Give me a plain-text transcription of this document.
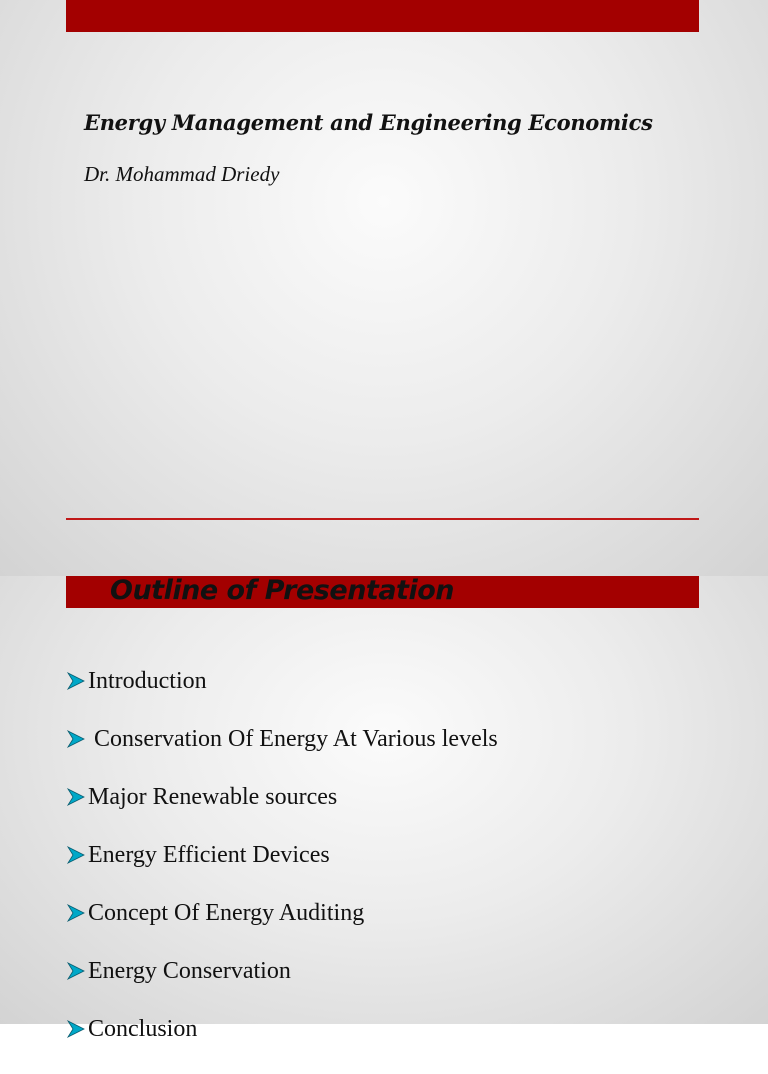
Energy Management and Engineering Economics

Dr. Mohammad Driedy

Outline of Presentation
Introduction
Conservation Of Energy At Various levels
Major Renewable sources
Energy Efficient Devices
Concept Of Energy Auditing
Energy Conservation
Conclusion
